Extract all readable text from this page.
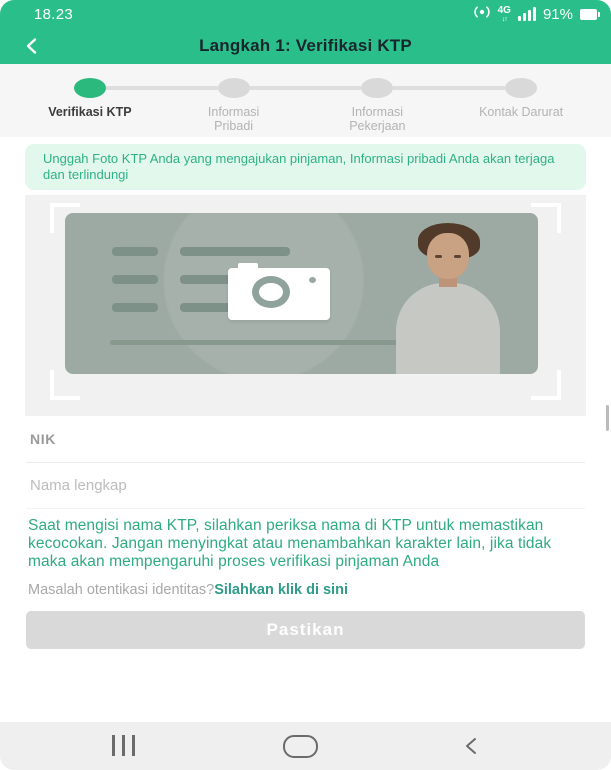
18.23	4G
↓↑ 91%
Langkah 1: Verifikasi KTP
Verifikasi KTP	Informasi Pribadi
Informasi Pekerjaan
Kontak Darurat
Unggah Foto KTP Anda yang mengajukan pinjaman, Informasi pribadi Anda akan terjaga dan terlindungi
NIK
Nama lengkap

Saat mengisi nama KTP, silahkan periksa nama di KTP untuk memastikan kecocokan. Jangan menyingkat atau menambahkan karakter lain, jika tidak maka akan mempengaruhi proses verifikasi pinjaman Anda

Masalah otentikasi identitas?Silahkan klik di sini

Pastikan
